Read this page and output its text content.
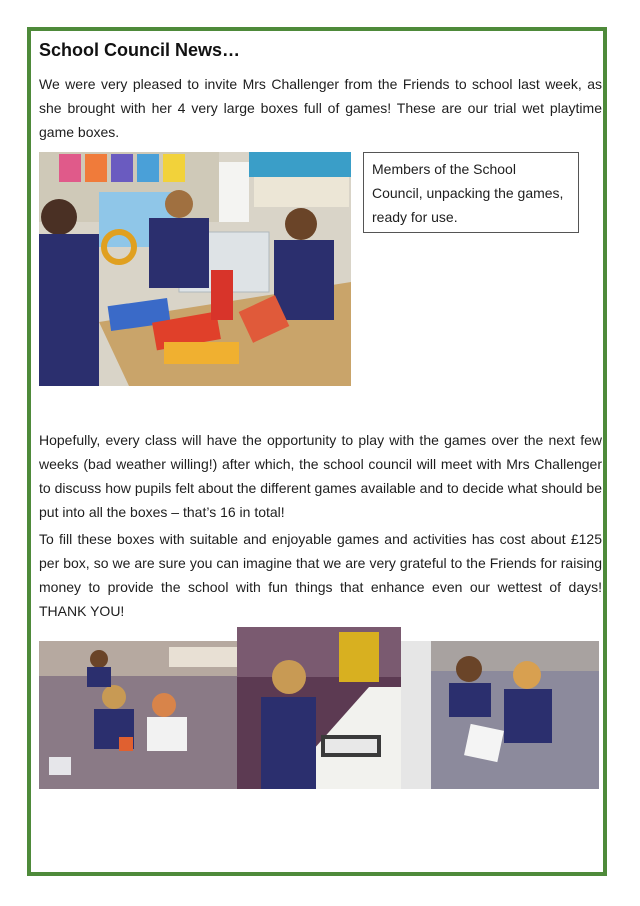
School Council News…

We were very pleased to invite Mrs Challenger from the Friends to school last week, as she brought with her 4 very large boxes full of games! These are our trial wet playtime game boxes.

Members of the School Council, unpacking the games, ready for use.

Hopefully, every class will have the opportunity to play with the games over the next few weeks (bad weather willing!) after which, the school council will meet with Mrs Challenger to discuss how pupils felt about the different games available and to decide what should be put into all the boxes – that’s 16 in total!

To fill these boxes with suitable and enjoyable games and activities has cost about £125 per box, so we are sure you can imagine that we are very grateful to the Friends for raising money to provide the school with fun things that enhance even our wettest of days! THANK YOU!
